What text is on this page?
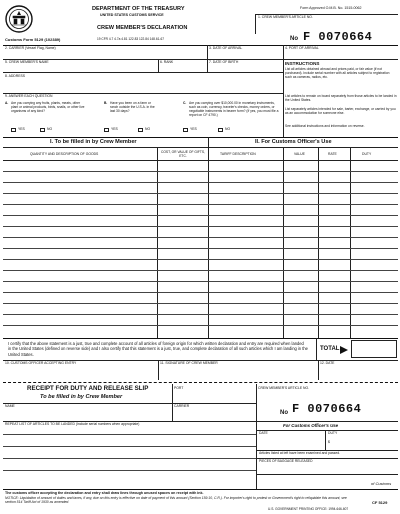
Form Approved O.M.B. No. 1515-0062
DEPARTMENT OF THE TREASURY
UNITED STATES CUSTOMS SERVICE
CREW MEMBER'S DECLARATION
1. CREW MEMBER'S ARTICLE NO.
No F 0070664
Customs Form 5129 (102389)	19 CFR 4.7 4.7a 4.81 122.83 122.84 148.61-67
2. CARRIER (Vessel Flag, Name)	3. DATE OF ARRIVAL	4. PORT OF ARRIVAL
5. CREW MEMBER'S NAME	6. RANK	7. DATE OF BIRTH
8. ADDRESS
9. ANSWER EACH QUESTION
A. Are you carrying any fruits, plants, meats, other plant or animal products, birds, snails, or other live organisms of any kind?
YES	NO
B. Have you been on a farm or ranch outside the U.S.A. in the last 30 days?
YES	NO
C. Are you carrying over $10,000.00 in monetary instruments, such as coin, currency, traveler's checks, money orders, or negotiable instruments in bearer form? (If yes, you must file a report on CF 4790.)
YES	NO
INSTRUCTIONS
List all articles obtained abroad and prices paid, or fair value (if not purchased). Include serial number with all articles subject to registration such as cameras, radios, etc.
List articles to remain on board separately from those articles to be landed in the United States.
List separately articles intended for sale, barter, exchange, or carried by you as an accommodation for someone else.
See additional instructions and information on reverse.
I. To be filled in by Crew Member	II. For Customs Officer's Use
QUANTITY AND DESCRIPTION OF GOODS	COST, OR VALUE OF GIFTS, ETC.	TARIFF DESCRIPTION	VALUE	RATE	DUTY
I certify that the above statement is a just, true and complete account of all articles of foreign origin for which written declaration and entry are required when landed in the United States (defined on reverse side) and I also certify that this statement is a just, true, and complete declaration of all such articles which I am landing in the United States.
TOTAL
10. CUSTOMS OFFICER ACCEPTING ENTRY	11. SIGNATURE OF CREW MEMBER	12. DATE
RECEIPT FOR DUTY AND RELEASE SLIP
To be filled in by Crew Member
PORT	CREW MEMBER'S ARTICLE NO.
NAME	CARRIER
No F 0070664
REPEAT LIST OF ARTICLES TO BE LANDED (Include serial numbers when appropriate)	For Customs Officer's Use
DATE	DUTY
$
Articles listed at left have been examined and passed.
PIECES OF BAGGAGE RELEASED
of Customs
The customs officer accepting the declaration and entry shall draw lines through unused spaces on receipt with ink.
NOTICE: Liquidation of amount of duties and taxes, if any, due on this entry is effective on date of payment of this amount (Section 159.10, C.R.). For importer's right to protest or Government's right to reliquidate this amount, see section 514 Tariff Act of 1930 as amended.	CF 5129
U.S. GOVERNMENT PRINTING OFFICE: 1994-646-607
